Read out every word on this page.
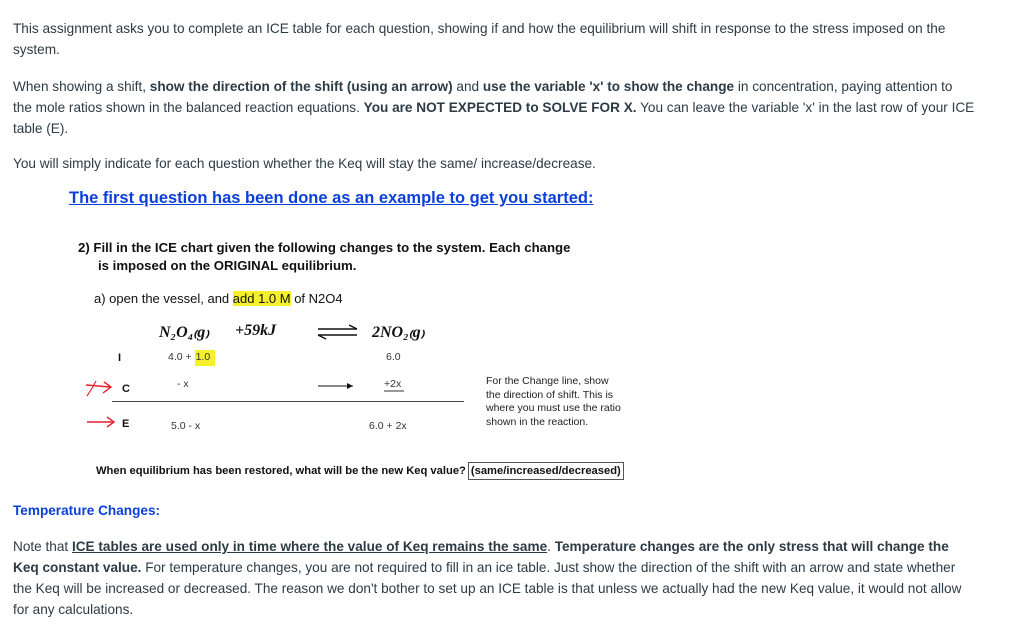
This assignment asks you to complete an ICE table for each question, showing if and how the equilibrium will shift in response to the stress imposed on the
system.
When showing a shift, show the direction of the shift (using an arrow) and use the variable 'x' to show the change in concentration, paying attention to
the mole ratios shown in the balanced reaction equations. You are NOT EXPECTED to SOLVE FOR X. You can leave the variable 'x' in the last row of your ICE
table (E).
You will simply indicate for each question whether the Keq will stay the same/ increase/decrease.
The first question has been done as an example to get you started:
2) Fill in the ICE chart given the following changes to the system. Each change
is imposed on the ORIGINAL equilibrium.
a) open the vessel, and add 1.0 M of N2O4
N₂O₄₍g₎ +59kJ	⇌ 2NO₂₍g₎
I	4.0 + 1.0	6.0
C	- x	+2x
E	5.0 - x	6.0 + 2x
For the Change line, show
the direction of shift. This is
where you must use the ratio
shown in the reaction.
When equilibrium has been restored, what will be the new Keq value? (same/increased/decreased)
Temperature Changes:
Note that ICE tables are used only in time where the value of Keq remains the same. Temperature changes are the only stress that will change the
Keq constant value. For temperature changes, you are not required to fill in an ice table. Just show the direction of the shift with an arrow and state whether
the Keq will be increased or decreased. The reason we don't bother to set up an ICE table is that unless we actually had the new Keq value, it would not allow
for any calculations.
